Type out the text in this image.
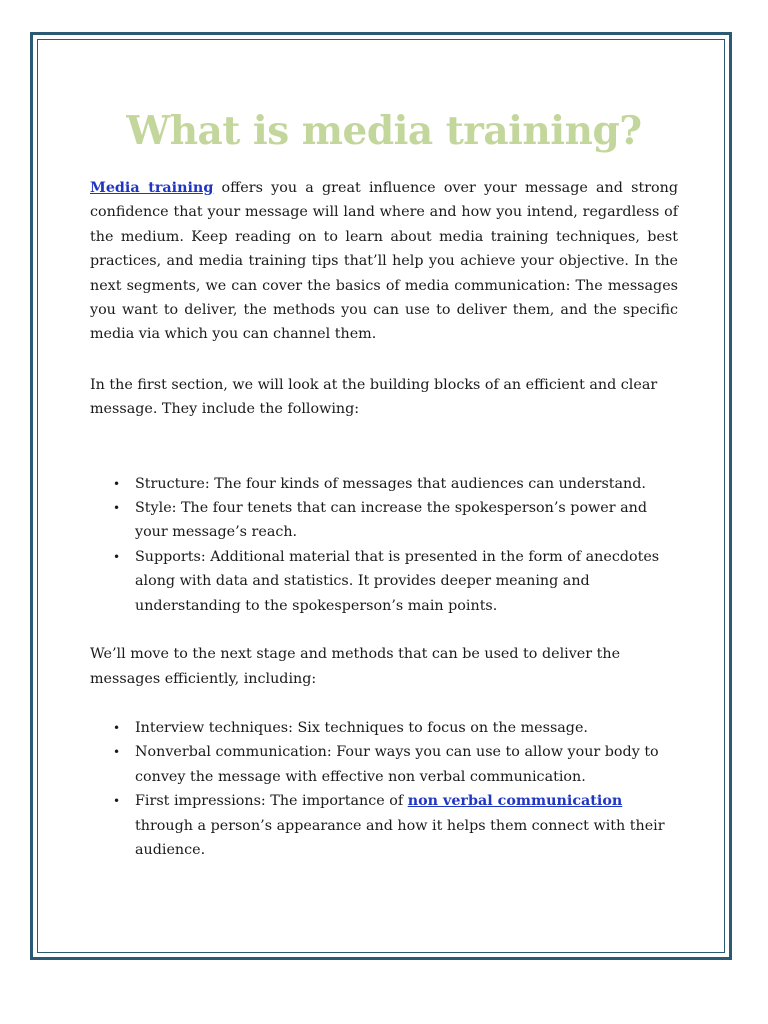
What is media training?

Media training offers you a great influence over your message and strong confidence that your message will land where and how you intend, regardless of the medium. Keep reading on to learn about media training techniques, best practices, and media training tips that’ll help you achieve your objective. In the next segments, we can cover the basics of media communication: The messages you want to deliver, the methods you can use to deliver them, and the specific media via which you can channel them.

In the first section, we will look at the building blocks of an efficient and clear message. They include the following:

• Structure: The four kinds of messages that audiences can understand.
• Style: The four tenets that can increase the spokesperson’s power and your message’s reach.
• Supports: Additional material that is presented in the form of anecdotes along with data and statistics. It provides deeper meaning and understanding to the spokesperson’s main points.

We’ll move to the next stage and methods that can be used to deliver the messages efficiently, including:

• Interview techniques: Six techniques to focus on the message.
• Nonverbal communication: Four ways you can use to allow your body to convey the message with effective non verbal communication.
• First impressions: The importance of non verbal communication through a person’s appearance and how it helps them connect with their audience.
